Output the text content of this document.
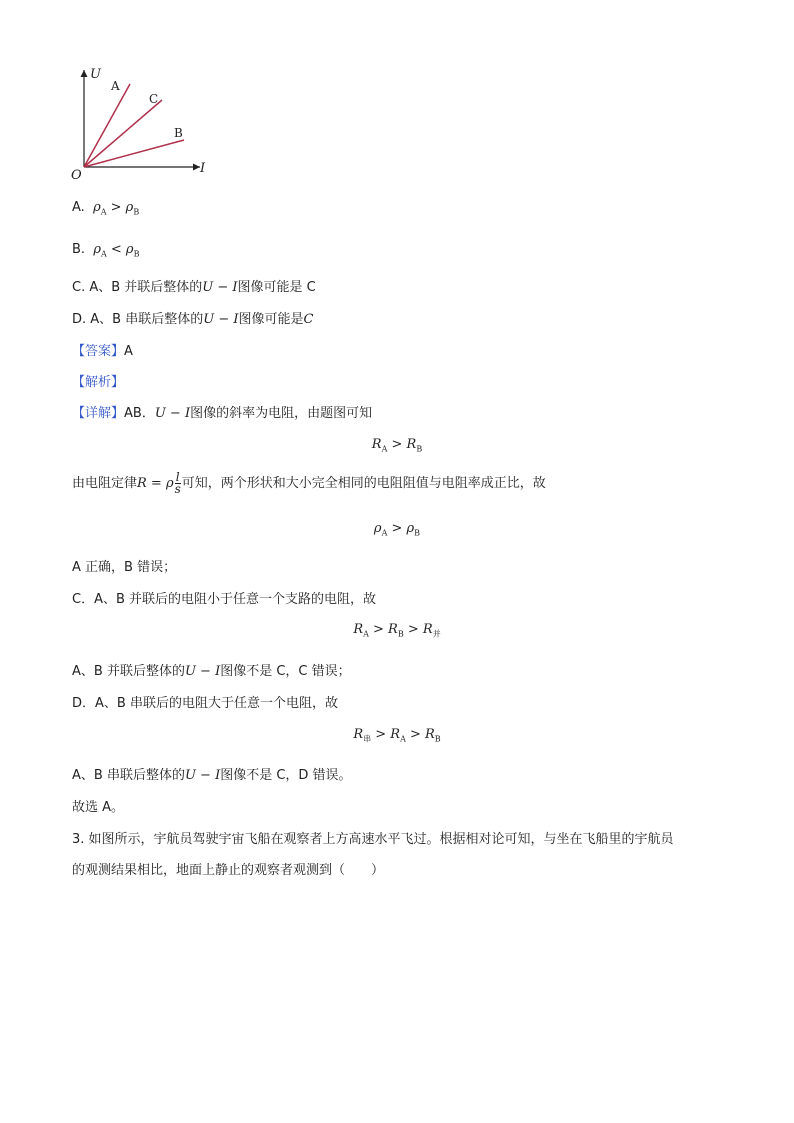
U
I
O
A
C
B
A. $\rho_A > \rho_B$
B. $\rho_A < \rho_B$
C. A、B 并联后整体的U − I图像可能是 C
D. A、B 串联后整体的U − I图像可能是C
【答案】A
【解析】
【详解】AB．U − I图像的斜率为电阻，由题图可知
$R_A > R_B$
由电阻定律R = ρ $\frac{l}{s}$ 可知，两个形状和大小完全相同的电阻阻值与电阻率成正比，故
$\rho_A > \rho_B$
A 正确，B 错误；
C．A、B 并联后的电阻小于任意一个支路的电阻，故
$R_A > R_B > R_并$
A、B 并联后整体的U − I图像不是 C，C 错误；
D．A、B 串联后的电阻大于任意一个电阻，故
$R_串 > R_A > R_B$
A、B 串联后整体的U − I图像不是 C，D 错误。
故选 A。
3. 如图所示，宇航员驾驶宇宙飞船在观察者上方高速水平飞过。根据相对论可知，与坐在飞船里的宇航员
的观测结果相比，地面上静止的观察者观测到（　　）
